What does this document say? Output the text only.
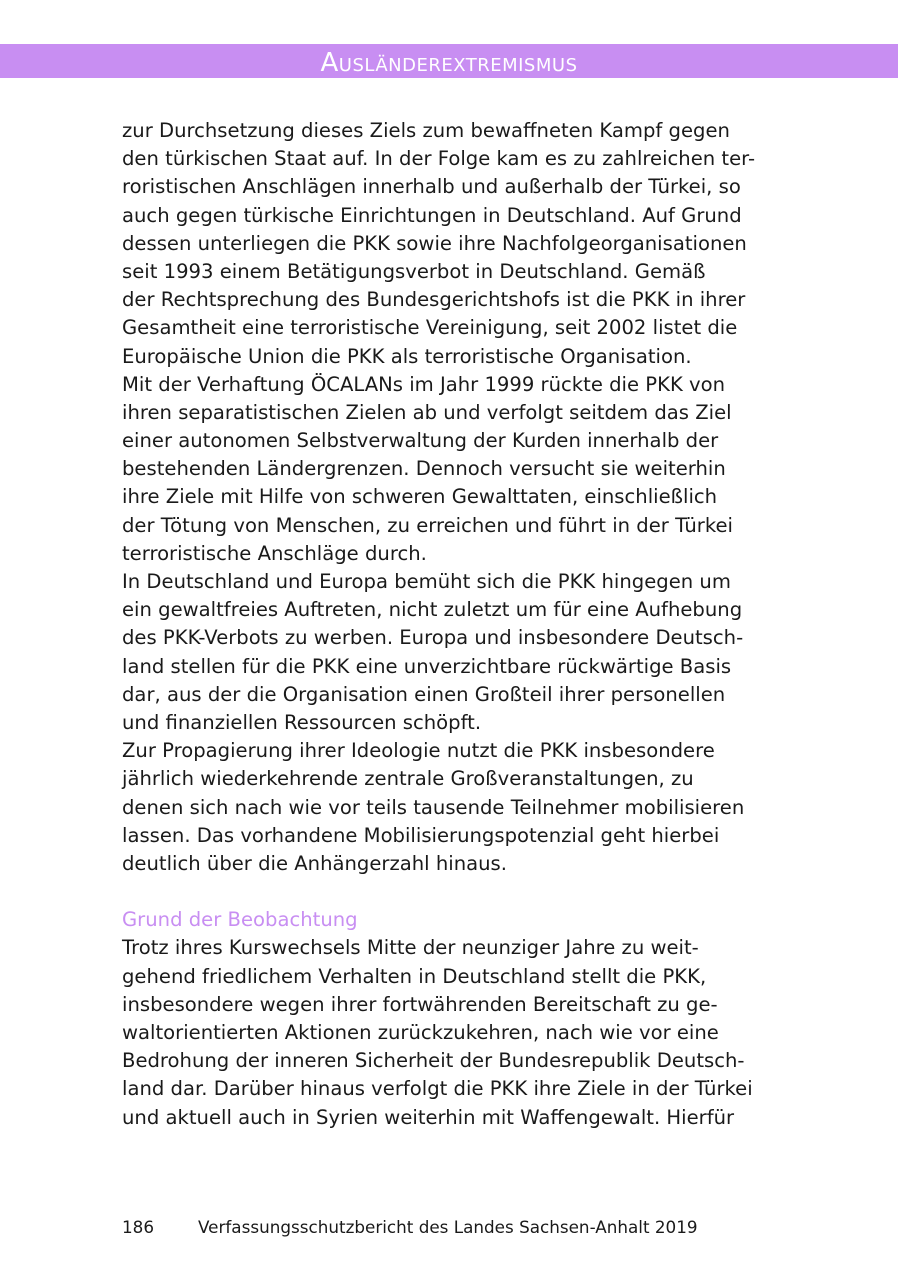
Ausländerextremismus
zur Durchsetzung dieses Ziels zum bewaffneten Kampf gegen
den türkischen Staat auf. In der Folge kam es zu zahlreichen ter-
roristischen Anschlägen innerhalb und außerhalb der Türkei, so
auch gegen türkische Einrichtungen in Deutschland. Auf Grund
dessen unterliegen die PKK sowie ihre Nachfolgeorganisationen
seit 1993 einem Betätigungsverbot in Deutschland. Gemäß
der Rechtsprechung des Bundesgerichtshofs ist die PKK in ihrer
Gesamtheit eine terroristische Vereinigung, seit 2002 listet die
Europäische Union die PKK als terroristische Organisation.
Mit der Verhaftung ÖCALANs im Jahr 1999 rückte die PKK von
ihren separatistischen Zielen ab und verfolgt seitdem das Ziel
einer autonomen Selbstverwaltung der Kurden innerhalb der
bestehenden Ländergrenzen. Dennoch versucht sie weiterhin
ihre Ziele mit Hilfe von schweren Gewalttaten, einschließlich
der Tötung von Menschen, zu erreichen und führt in der Türkei
terroristische Anschläge durch.
In Deutschland und Europa bemüht sich die PKK hingegen um
ein gewaltfreies Auftreten, nicht zuletzt um für eine Aufhebung
des PKK-Verbots zu werben. Europa und insbesondere Deutsch-
land stellen für die PKK eine unverzichtbare rückwärtige Basis
dar, aus der die Organisation einen Großteil ihrer personellen
und finanziellen Ressourcen schöpft.
Zur Propagierung ihrer Ideologie nutzt die PKK insbesondere
jährlich wiederkehrende zentrale Großveranstaltungen, zu
denen sich nach wie vor teils tausende Teilnehmer mobilisieren
lassen. Das vorhandene Mobilisierungspotenzial geht hierbei
deutlich über die Anhängerzahl hinaus.
Grund der Beobachtung
Trotz ihres Kurswechsels Mitte der neunziger Jahre zu weit-
gehend friedlichem Verhalten in Deutschland stellt die PKK,
insbesondere wegen ihrer fortwährenden Bereitschaft zu ge-
waltorientierten Aktionen zurückzukehren, nach wie vor eine
Bedrohung der inneren Sicherheit der Bundesrepublik Deutsch-
land dar. Darüber hinaus verfolgt die PKK ihre Ziele in der Türkei
und aktuell auch in Syrien weiterhin mit Waffengewalt. Hierfür
186	Verfassungsschutzbericht des Landes Sachsen-Anhalt 2019
